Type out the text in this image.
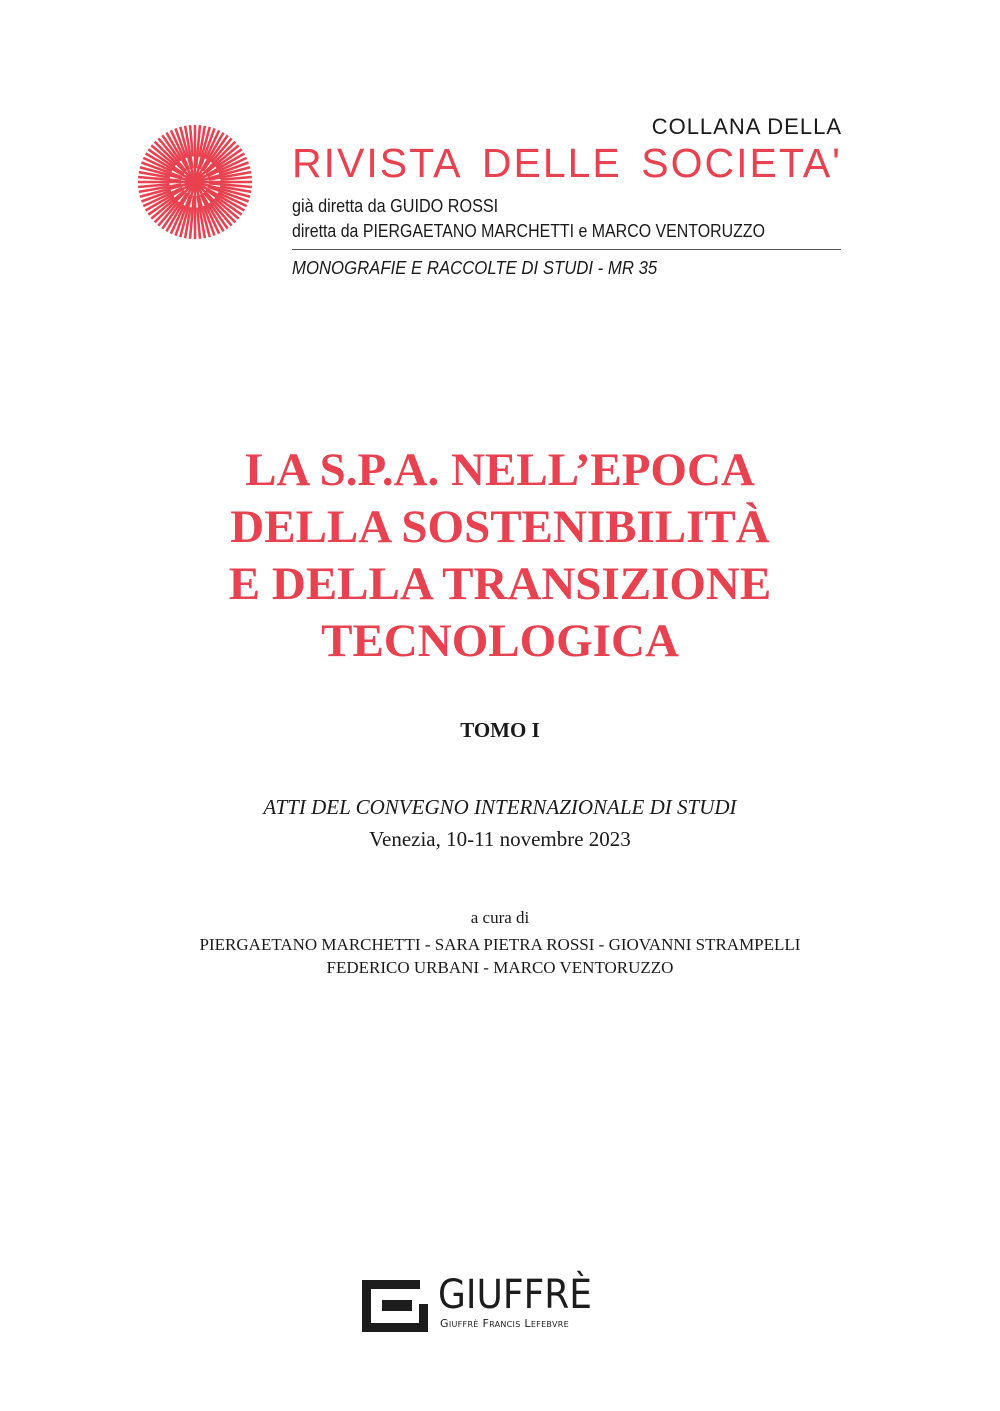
COLLANA DELLA
RIVISTA DELLE SOCIETA'
già diretta da GUIDO ROSSI
diretta da PIERGAETANO MARCHETTI e MARCO VENTORUZZO
MONOGRAFIE E RACCOLTE DI STUDI - MR 35
LA S.P.A. NELL’EPOCA
DELLA SOSTENIBILITÀ
E DELLA TRANSIZIONE
TECNOLOGICA
TOMO I
ATTI DEL CONVEGNO INTERNAZIONALE DI STUDI
Venezia, 10-11 novembre 2023
a cura di
PIERGAETANO MARCHETTI - SARA PIETRA ROSSI - GIOVANNI STRAMPELLI
FEDERICO URBANI - MARCO VENTORUZZO
GIUFFRÈ
Giuffrè Francis Lefebvre
